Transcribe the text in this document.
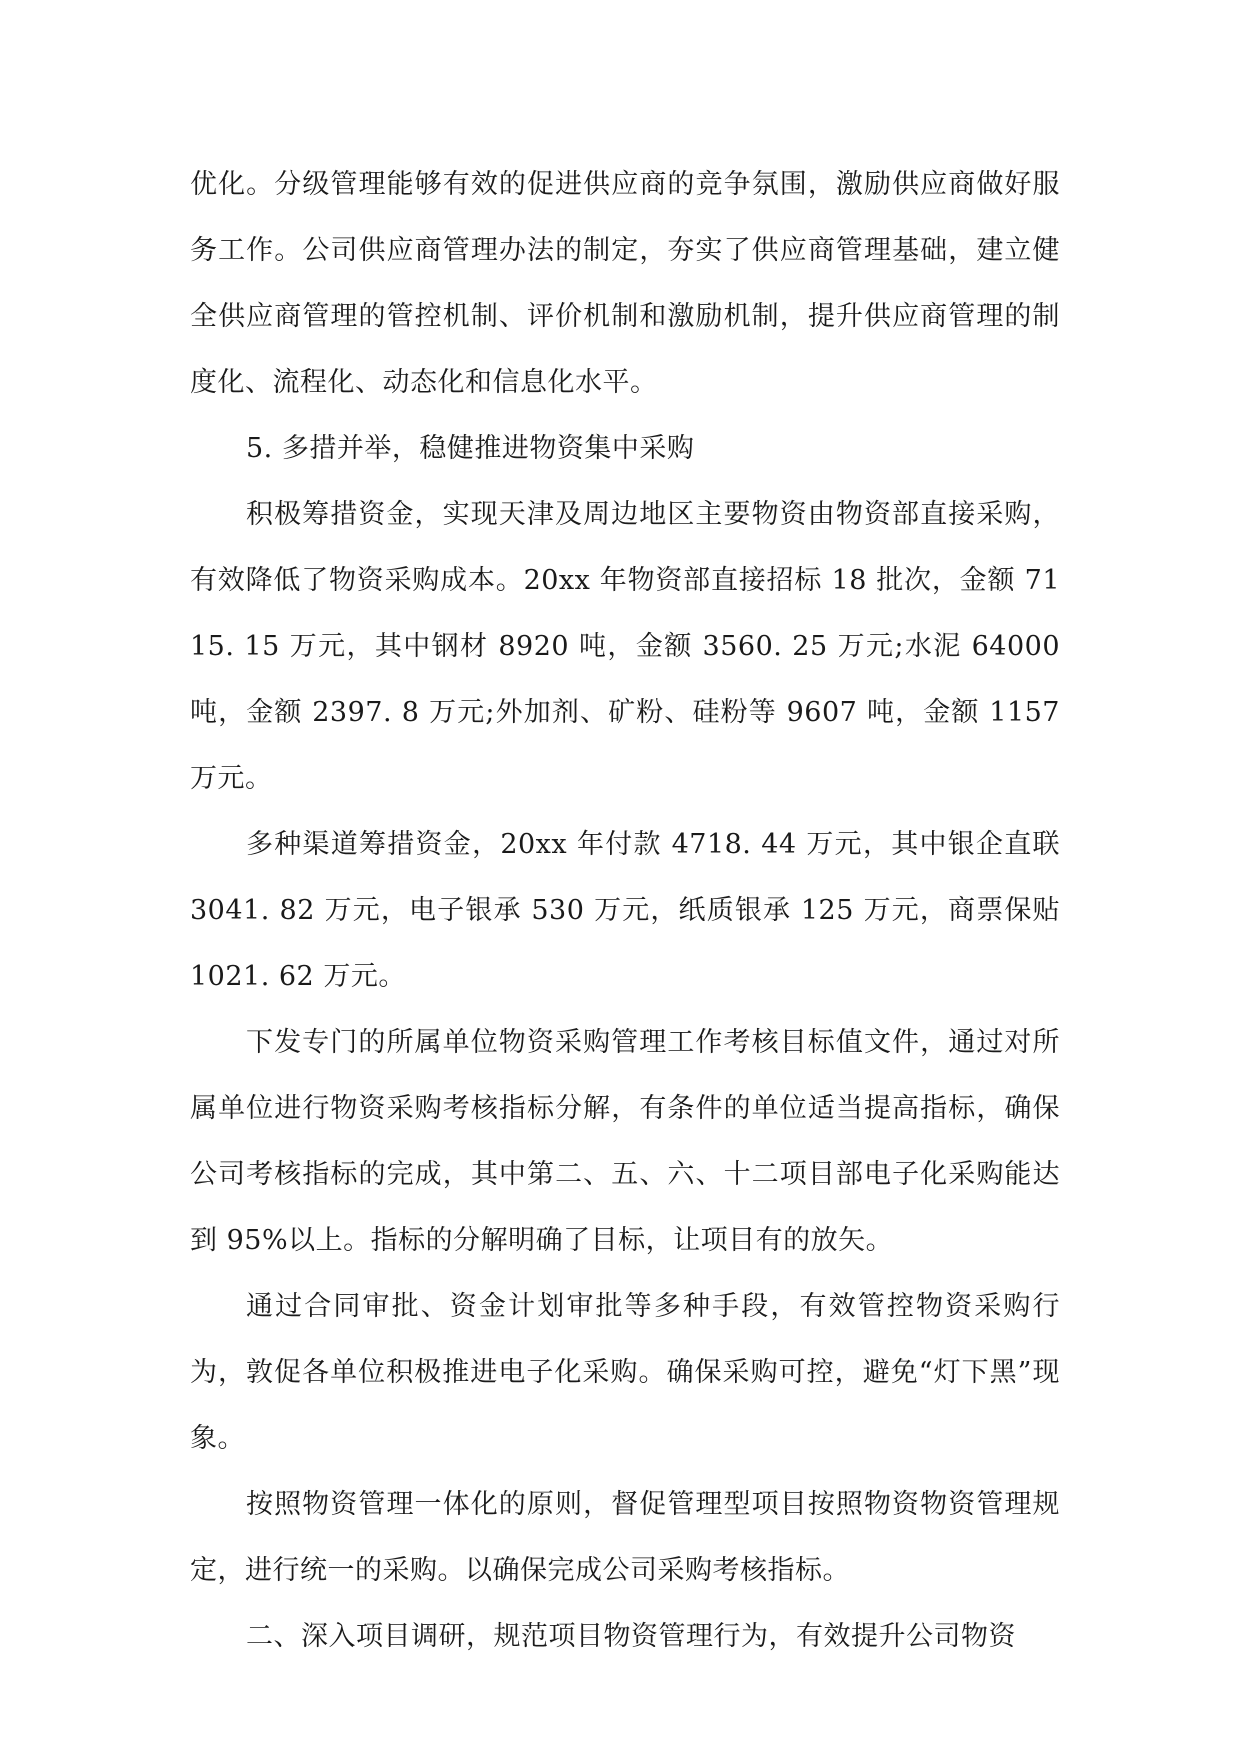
优化。分级管理能够有效的促进供应商的竞争氛围，激励供应商做好服务工作。公司供应商管理办法的制定，夯实了供应商管理基础，建立健全供应商管理的管控机制、评价机制和激励机制，提升供应商管理的制度化、流程化、动态化和信息化水平。

5. 多措并举，稳健推进物资集中采购

积极筹措资金，实现天津及周边地区主要物资由物资部直接采购，有效降低了物资采购成本。20xx 年物资部直接招标 18 批次，金额 7115. 15 万元，其中钢材 8920 吨，金额 3560. 25 万元;水泥 64000 吨，金额 2397. 8 万元;外加剂、矿粉、硅粉等 9607 吨，金额 1157 万元。

多种渠道筹措资金，20xx 年付款 4718. 44 万元，其中银企直联 3041. 82 万元，电子银承 530 万元，纸质银承 125 万元，商票保贴 1021. 62 万元。

下发专门的所属单位物资采购管理工作考核目标值文件，通过对所属单位进行物资采购考核指标分解，有条件的单位适当提高指标，确保公司考核指标的完成，其中第二、五、六、十二项目部电子化采购能达到 95%以上。指标的分解明确了目标，让项目有的放矢。

通过合同审批、资金计划审批等多种手段，有效管控物资采购行为，敦促各单位积极推进电子化采购。确保采购可控，避免“灯下黑”现象。

按照物资管理一体化的原则，督促管理型项目按照物资物资管理规定，进行统一的采购。以确保完成公司采购考核指标。

二、深入项目调研，规范项目物资管理行为，有效提升公司物资
